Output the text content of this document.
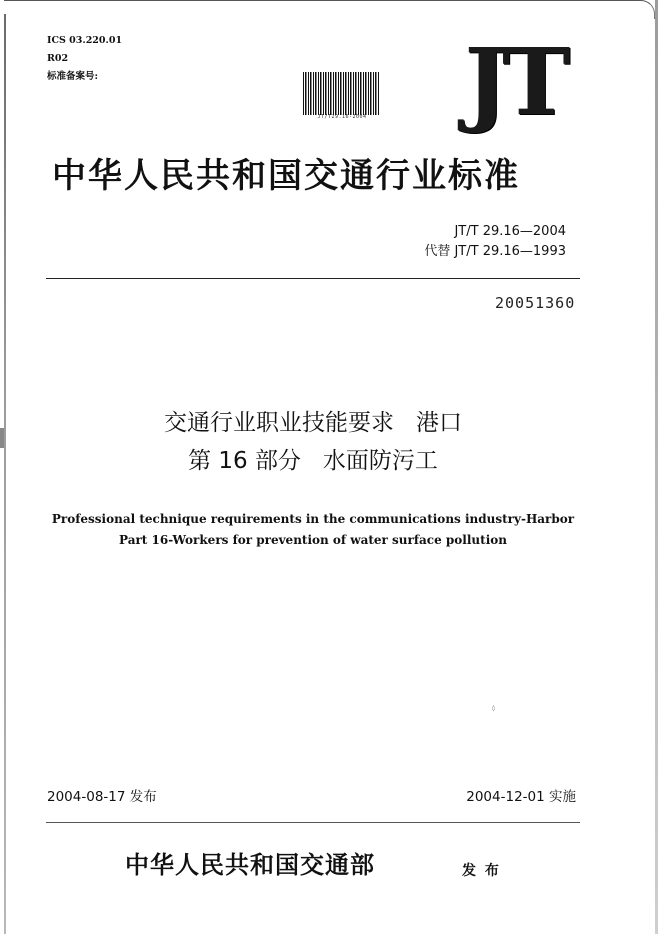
ICS 03.220.01
R02
标准备案号:
JT/T29.16-2004 JT
中华人民共和国交通行业标准
JT/T 29.16—2004
代替 JT/T 29.16—1993
20051360
交通行业职业技能要求   港口
第 16 部分   水面防污工
Professional technique requirements in the communications industry-Harbor
Part 16-Workers for prevention of water surface pollution
◊
2004-08-17 发布	2004-12-01 实施
中华人民共和国交通部	发 布
